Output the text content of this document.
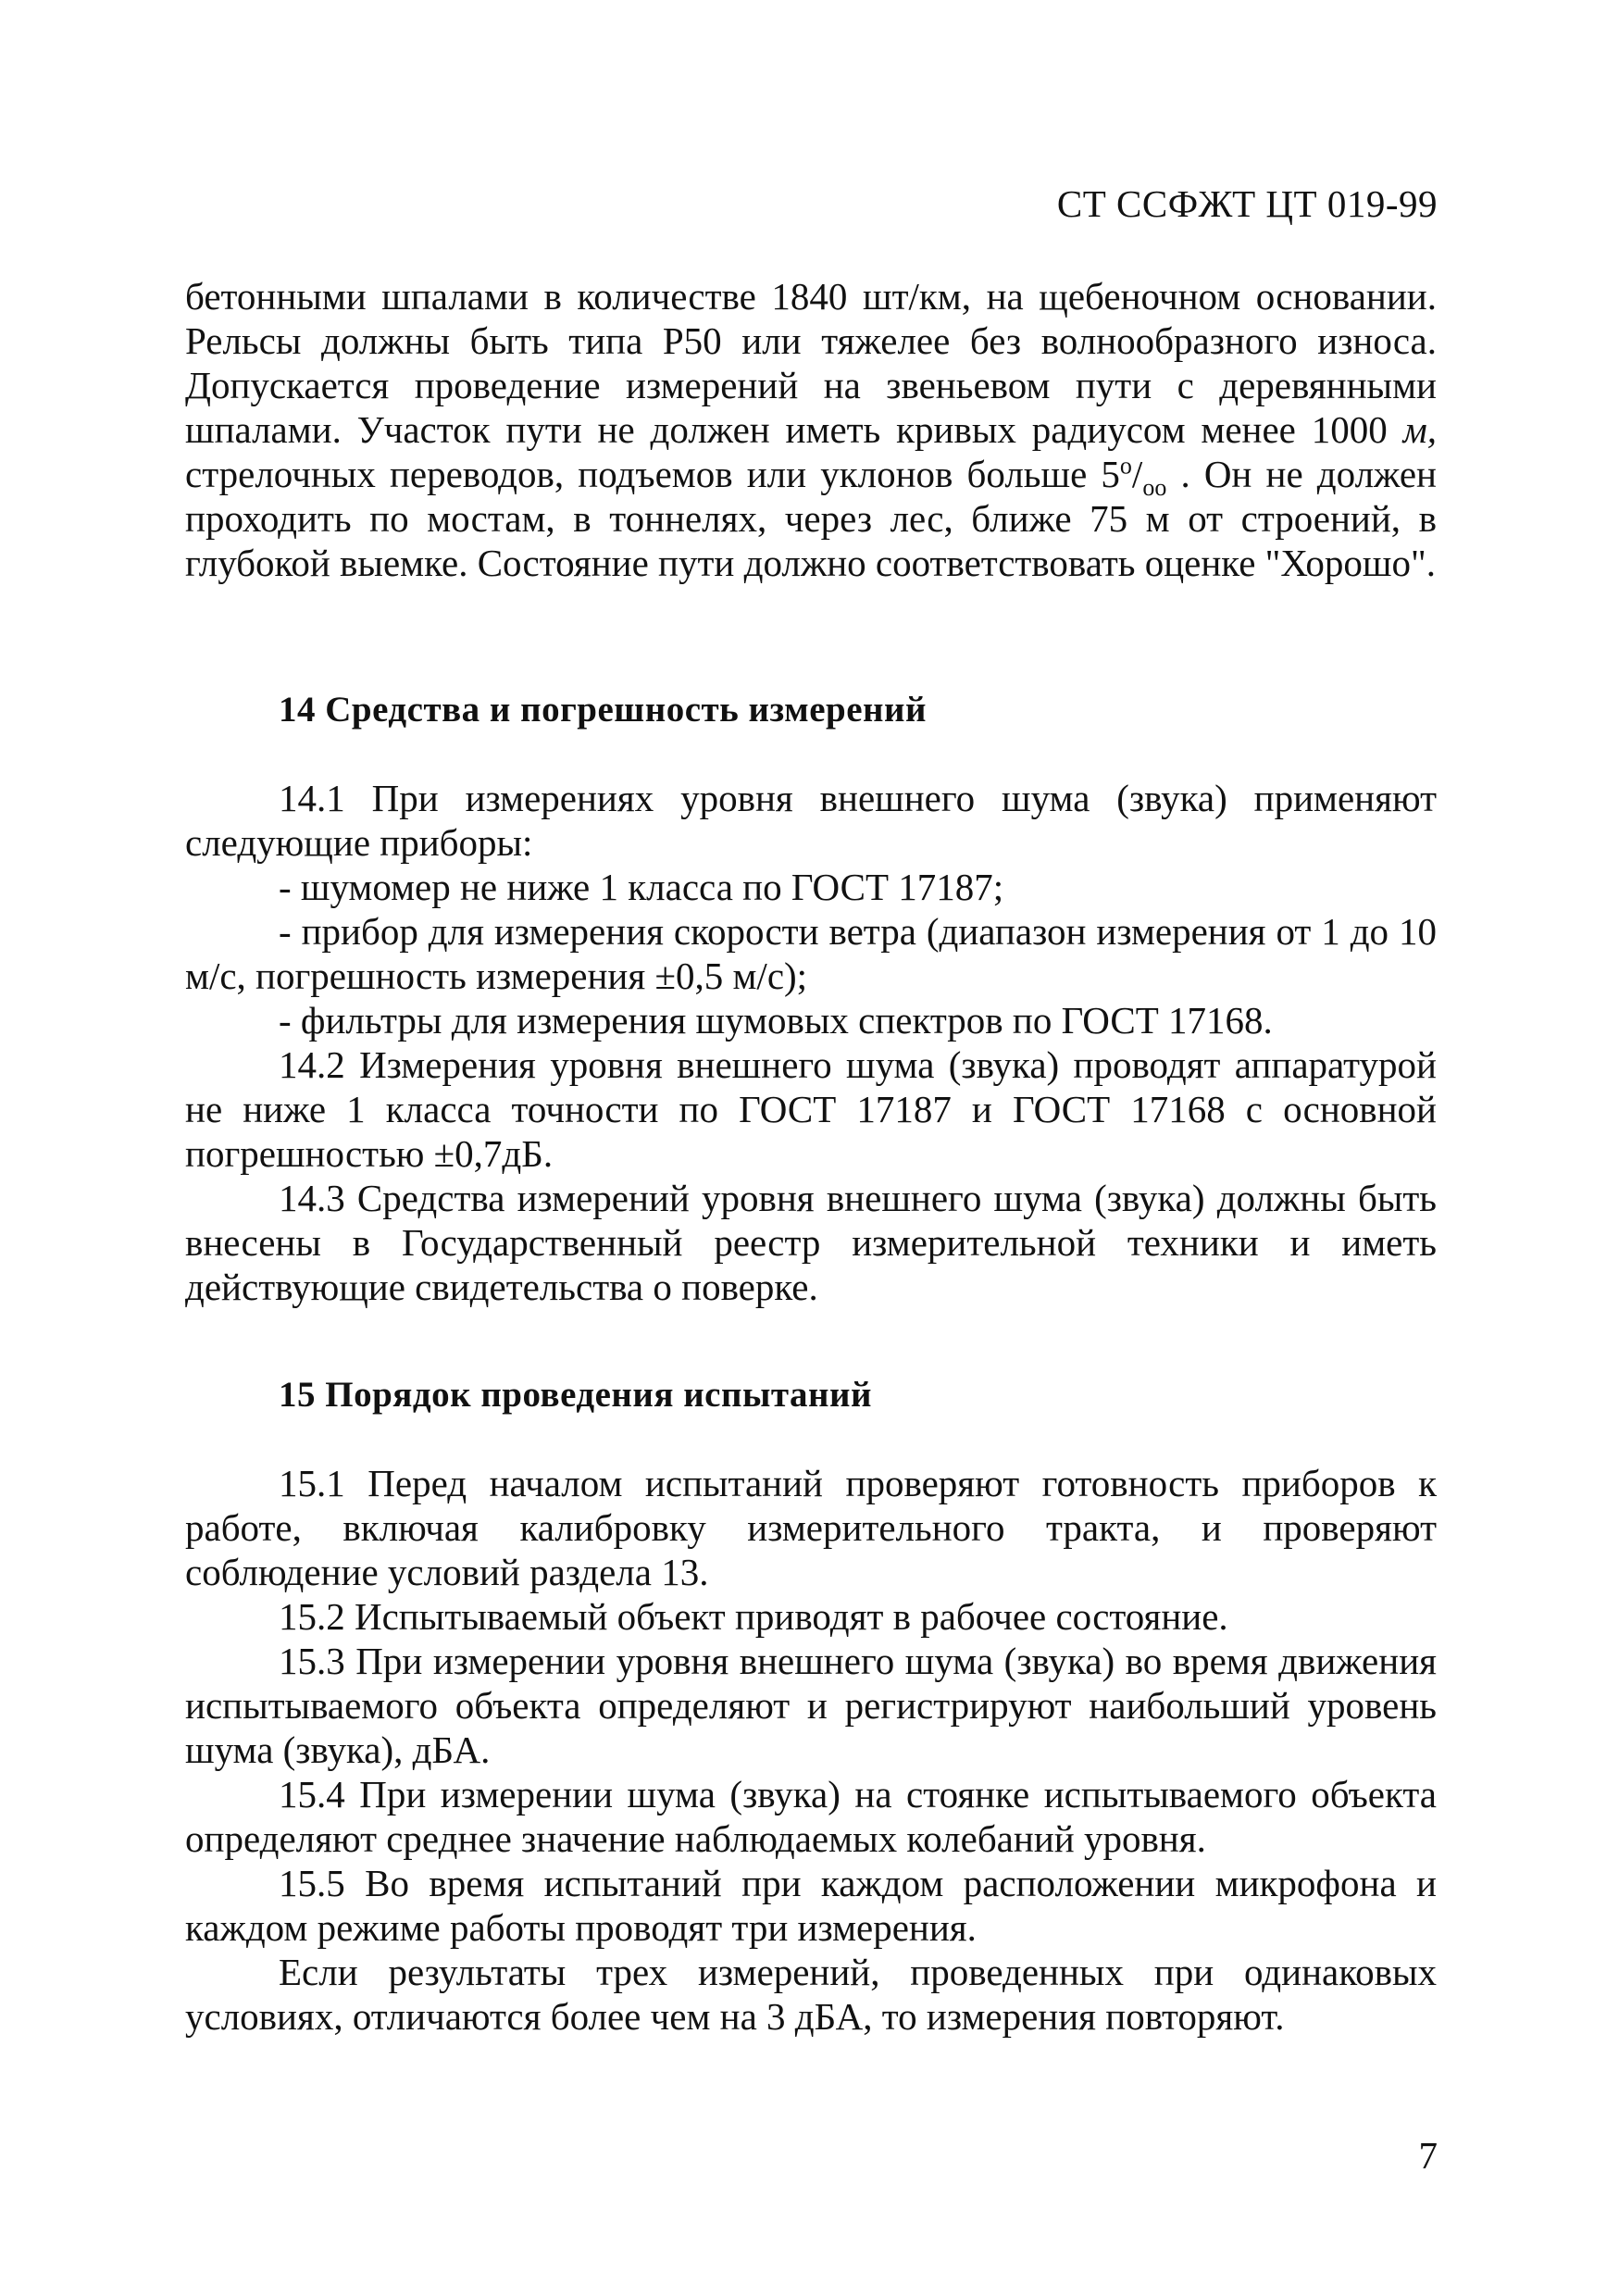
СТ ССФЖТ ЦТ 019-99

бетонными шпалами в количестве 1840 шт/км, на щебеночном основании. Рельсы должны быть типа Р50 или тяжелее без волнообразного износа. Допускается проведение измерений на звеньевом пути с деревянными шпалами. Участок пути не должен иметь кривых радиусом менее 1000 м, стрелочных переводов, подъемов или уклонов больше $5^о/_{оо}$ . Он не должен проходить по мостам, в тоннелях, через лес, ближе 75 м от строений, в глубокой выемке. Состояние пути должно соответствовать оценке "Хорошо".

14 Средства и погрешность измерений

14.1 При измерениях уровня внешнего шума (звука) применяют следующие приборы:

- шумомер не ниже 1 класса по ГОСТ 17187;

- прибор для измерения скорости ветра (диапазон измерения от 1 до 10 м/с, погрешность измерения ±0,5 м/с);

- фильтры для измерения шумовых спектров по ГОСТ 17168.

14.2 Измерения уровня внешнего шума (звука) проводят аппаратурой не ниже 1 класса точности по ГОСТ 17187 и ГОСТ 17168 с основной погрешностью ±0,7дБ.

14.3 Средства измерений уровня внешнего шума (звука) должны быть внесены в Государственный реестр измерительной техники и иметь действующие свидетельства о поверке.

15 Порядок проведения испытаний

15.1 Перед началом испытаний проверяют готовность приборов к работе, включая калибровку измерительного тракта, и проверяют соблюдение условий раздела 13.

15.2 Испытываемый объект приводят в рабочее состояние.

15.3 При измерении уровня внешнего шума (звука) во время движения испытываемого объекта определяют и регистрируют наибольший уровень шума (звука), дБА.

15.4 При измерении шума (звука) на стоянке испытываемого объекта определяют среднее значение наблюдаемых колебаний уровня.

15.5 Во время испытаний при каждом расположении микрофона и каждом режиме работы проводят три измерения.

Если результаты трех измерений, проведенных при одинаковых условиях, отличаются более чем на 3 дБА, то измерения повторяют.

7
